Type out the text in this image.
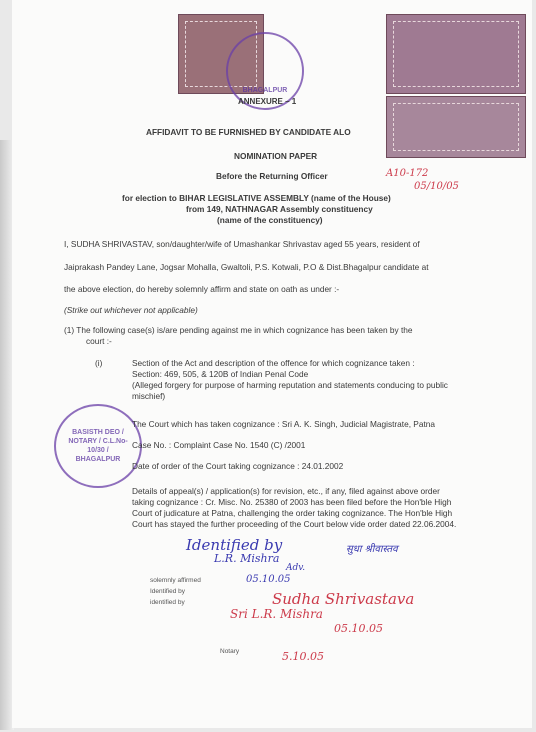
BHAGALPUR
BASISTH DEO / NOTARY / C.L.No-10/30 / BHAGALPUR
ANNEXURE – 1
AFFIDAVIT TO BE FURNISHED BY CANDIDATE ALO
NOMINATION PAPER
Before the Returning Officer
for election to BIHAR LEGISLATIVE ASSEMBLY (name of the House)
from 149, NATHNAGAR Assembly constituency
(name of the constituency)
I, SUDHA SHRIVASTAV, son/daughter/wife of Umashankar Shrivastav aged 55 years, resident of
Jaiprakash Pandey Lane, Jogsar Mohalla, Gwaltoli, P.S. Kotwali, P.O & Dist.Bhagalpur candidate at
the above election, do hereby solemnly affirm and state on oath as under :-
(Strike out whichever not applicable)
(1) The following case(s) is/are pending against me in which cognizance has been taken by the
court :-
(i)	Section of the Act and description of the offence for which cognizance taken :
Section: 469, 505, & 120B of Indian Penal Code
(Alleged forgery for purpose of harming reputation and statements conducing to public
mischief)
The Court which has taken cognizance : Sri A. K. Singh, Judicial Magistrate, Patna
Case No. : Complaint Case No. 1540 (C) /2001
Date of order of the Court taking cognizance : 24.01.2002
Details of appeal(s) / application(s) for revision, etc., if any, filed against above order
taking cognizance : Cr. Misc. No. 25380 of 2003 has been filed before the Hon'ble High
Court of judicature at Patna, challenging the order taking cognizance. The Hon'ble High
Court has stayed the further proceeding of the Court below vide order dated 22.06.2004.
A10-172
05/10/05
Identified by
L.R. Mishra
Adv.
05.10.05
सुधा श्रीवास्तव
solemnly affirmed
Identified by
identified by
Notary
Sudha Shrivastava
Sri L.R. Mishra
05.10.05
5.10.05
